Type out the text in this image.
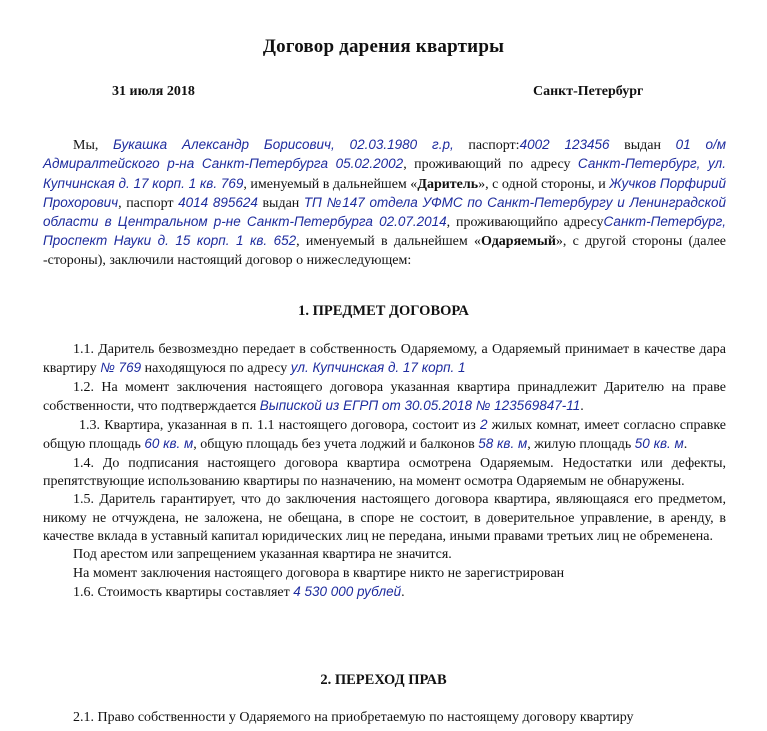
Договор дарения квартиры
31 июля 2018	Санкт-Петербург

Мы, Букашка Александр Борисович, 02.03.1980 г.р, паспорт:4002 123456 выдан 01 о/м Адмиралтейского р-на Санкт-Петербурга 05.02.2002, проживающий по адресу Санкт-Петербург, ул. Купчинская д. 17 корп. 1 кв. 769, именуемый в дальнейшем «Даритель», с одной стороны, и Жучков Порфирий Прохорович, паспорт 4014 895624 выдан ТП №147 отдела УФМС по Санкт-Петербургу и Ленинградской области в Центральном р-не Санкт-Петербурга 02.07.2014, проживающийпо адресуСанкт-Петербург, Проспект Науки д. 15 корп. 1 кв. 652, именуемый в дальнейшем «Одаряемый», с другой стороны (далее -стороны), заключили настоящий договор о нижеследующем:

1. ПРЕДМЕТ ДОГОВОРА

1.1. Даритель безвозмездно передает в собственность Одаряемому, а Одаряемый принимает в качестве дара квартиру № 769 находящуюся по адресу ул. Купчинская д. 17 корп. 1

1.2. На момент заключения настоящего договора указанная квартира принадлежит Дарителю на праве собственности, что подтверждается Выпиской из ЕГРП от 30.05.2018 № 123569847-11.

1.3. Квартира, указанная в п. 1.1 настоящего договора, состоит из 2 жилых комнат, имеет согласно справке общую площадь 60 кв. м, общую площадь без учета лоджий и балконов 58 кв. м, жилую площадь 50 кв. м.

1.4. До подписания настоящего договора квартира осмотрена Одаряемым. Недостатки или дефекты, препятствующие использованию квартиры по назначению, на момент осмотра Одаряемым не обнаружены.

1.5. Даритель гарантирует, что до заключения настоящего договора квартира, являющаяся его предметом, никому не отчуждена, не заложена, не обещана, в споре не состоит, в доверительное управление, в аренду, в качестве вклада в уставный капитал юридических лиц не передана, иными правами третьих лиц не обременена.

Под арестом или запрещением указанная квартира не значится.

На момент заключения настоящего договора в квартире никто не зарегистрирован

1.6. Стоимость квартиры составляет 4 530 000 рублей.

2. ПЕРЕХОД ПРАВ

2.1. Право собственности у Одаряемого на приобретаемую по настоящему договору квартиру
